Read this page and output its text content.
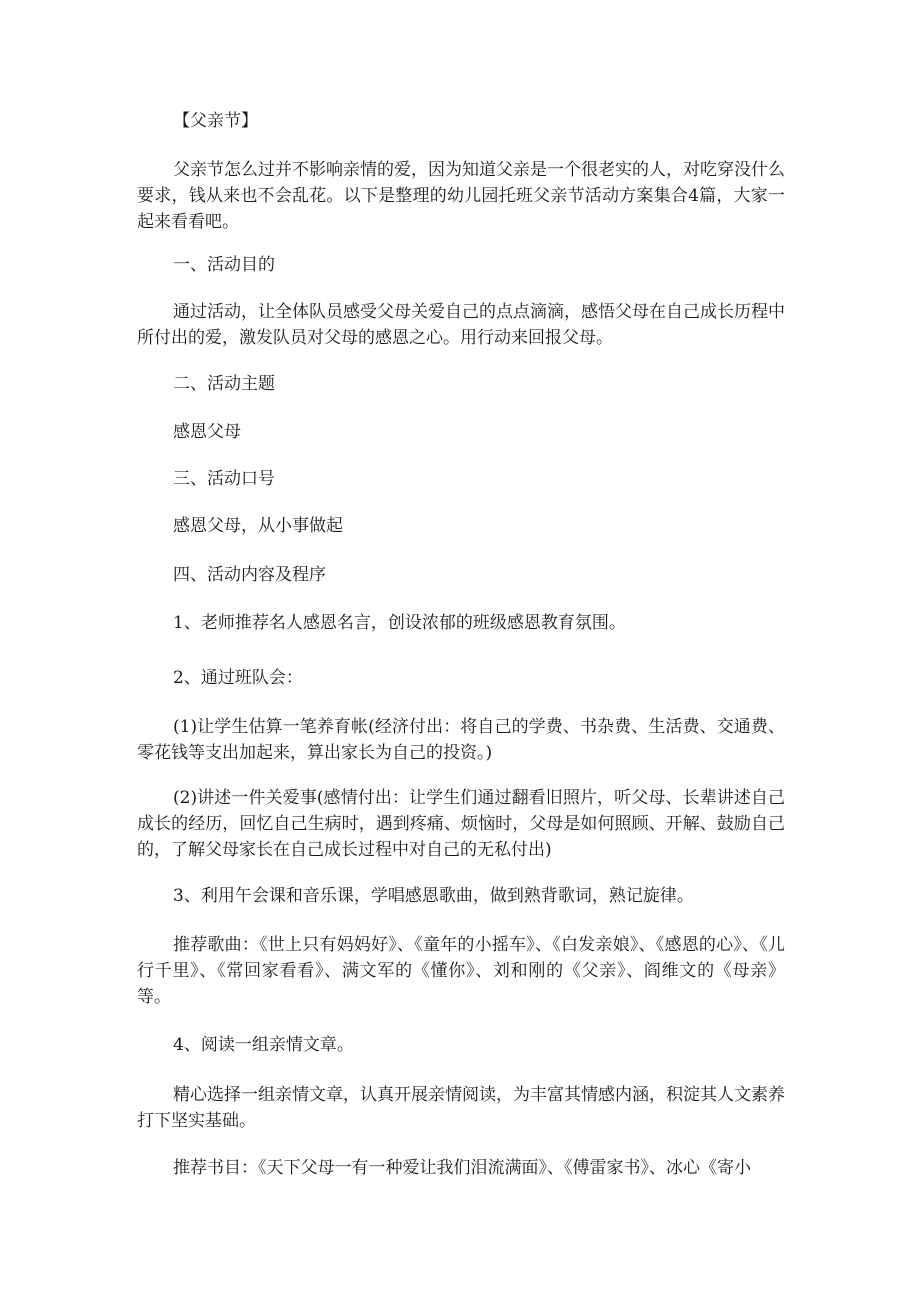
【父亲节】

父亲节怎么过并不影响亲情的爱，因为知道父亲是一个很老实的人，对吃穿没什么要求，钱从来也不会乱花。以下是整理的幼儿园托班父亲节活动方案集合4篇，大家一起来看看吧。

一、活动目的

通过活动，让全体队员感受父母关爱自己的点点滴滴，感悟父母在自己成长历程中所付出的爱，激发队员对父母的感恩之心。用行动来回报父母。

二、活动主题

感恩父母

三、活动口号

感恩父母，从小事做起

四、活动内容及程序

1、老师推荐名人感恩名言，创设浓郁的班级感恩教育氛围。

2、通过班队会：

(1)让学生估算一笔养育帐(经济付出：将自己的学费、书杂费、生活费、交通费、零花钱等支出加起来，算出家长为自己的投资。)

(2)讲述一件关爱事(感情付出：让学生们通过翻看旧照片，听父母、长辈讲述自己成长的经历，回忆自己生病时，遇到疼痛、烦恼时，父母是如何照顾、开解、鼓励自己的，了解父母家长在自己成长过程中对自己的无私付出)

3、利用午会课和音乐课，学唱感恩歌曲，做到熟背歌词，熟记旋律。

推荐歌曲：《世上只有妈妈好》、《童年的小摇车》、《白发亲娘》、《感恩的心》、《儿行千里》、《常回家看看》、满文军的《懂你》、刘和刚的《父亲》、阎维文的《母亲》等。

4、阅读一组亲情文章。

精心选择一组亲情文章，认真开展亲情阅读，为丰富其情感内涵，积淀其人文素养打下坚实基础。

推荐书目：《天下父母一有一种爱让我们泪流满面》、《傅雷家书》、冰心《寄小
